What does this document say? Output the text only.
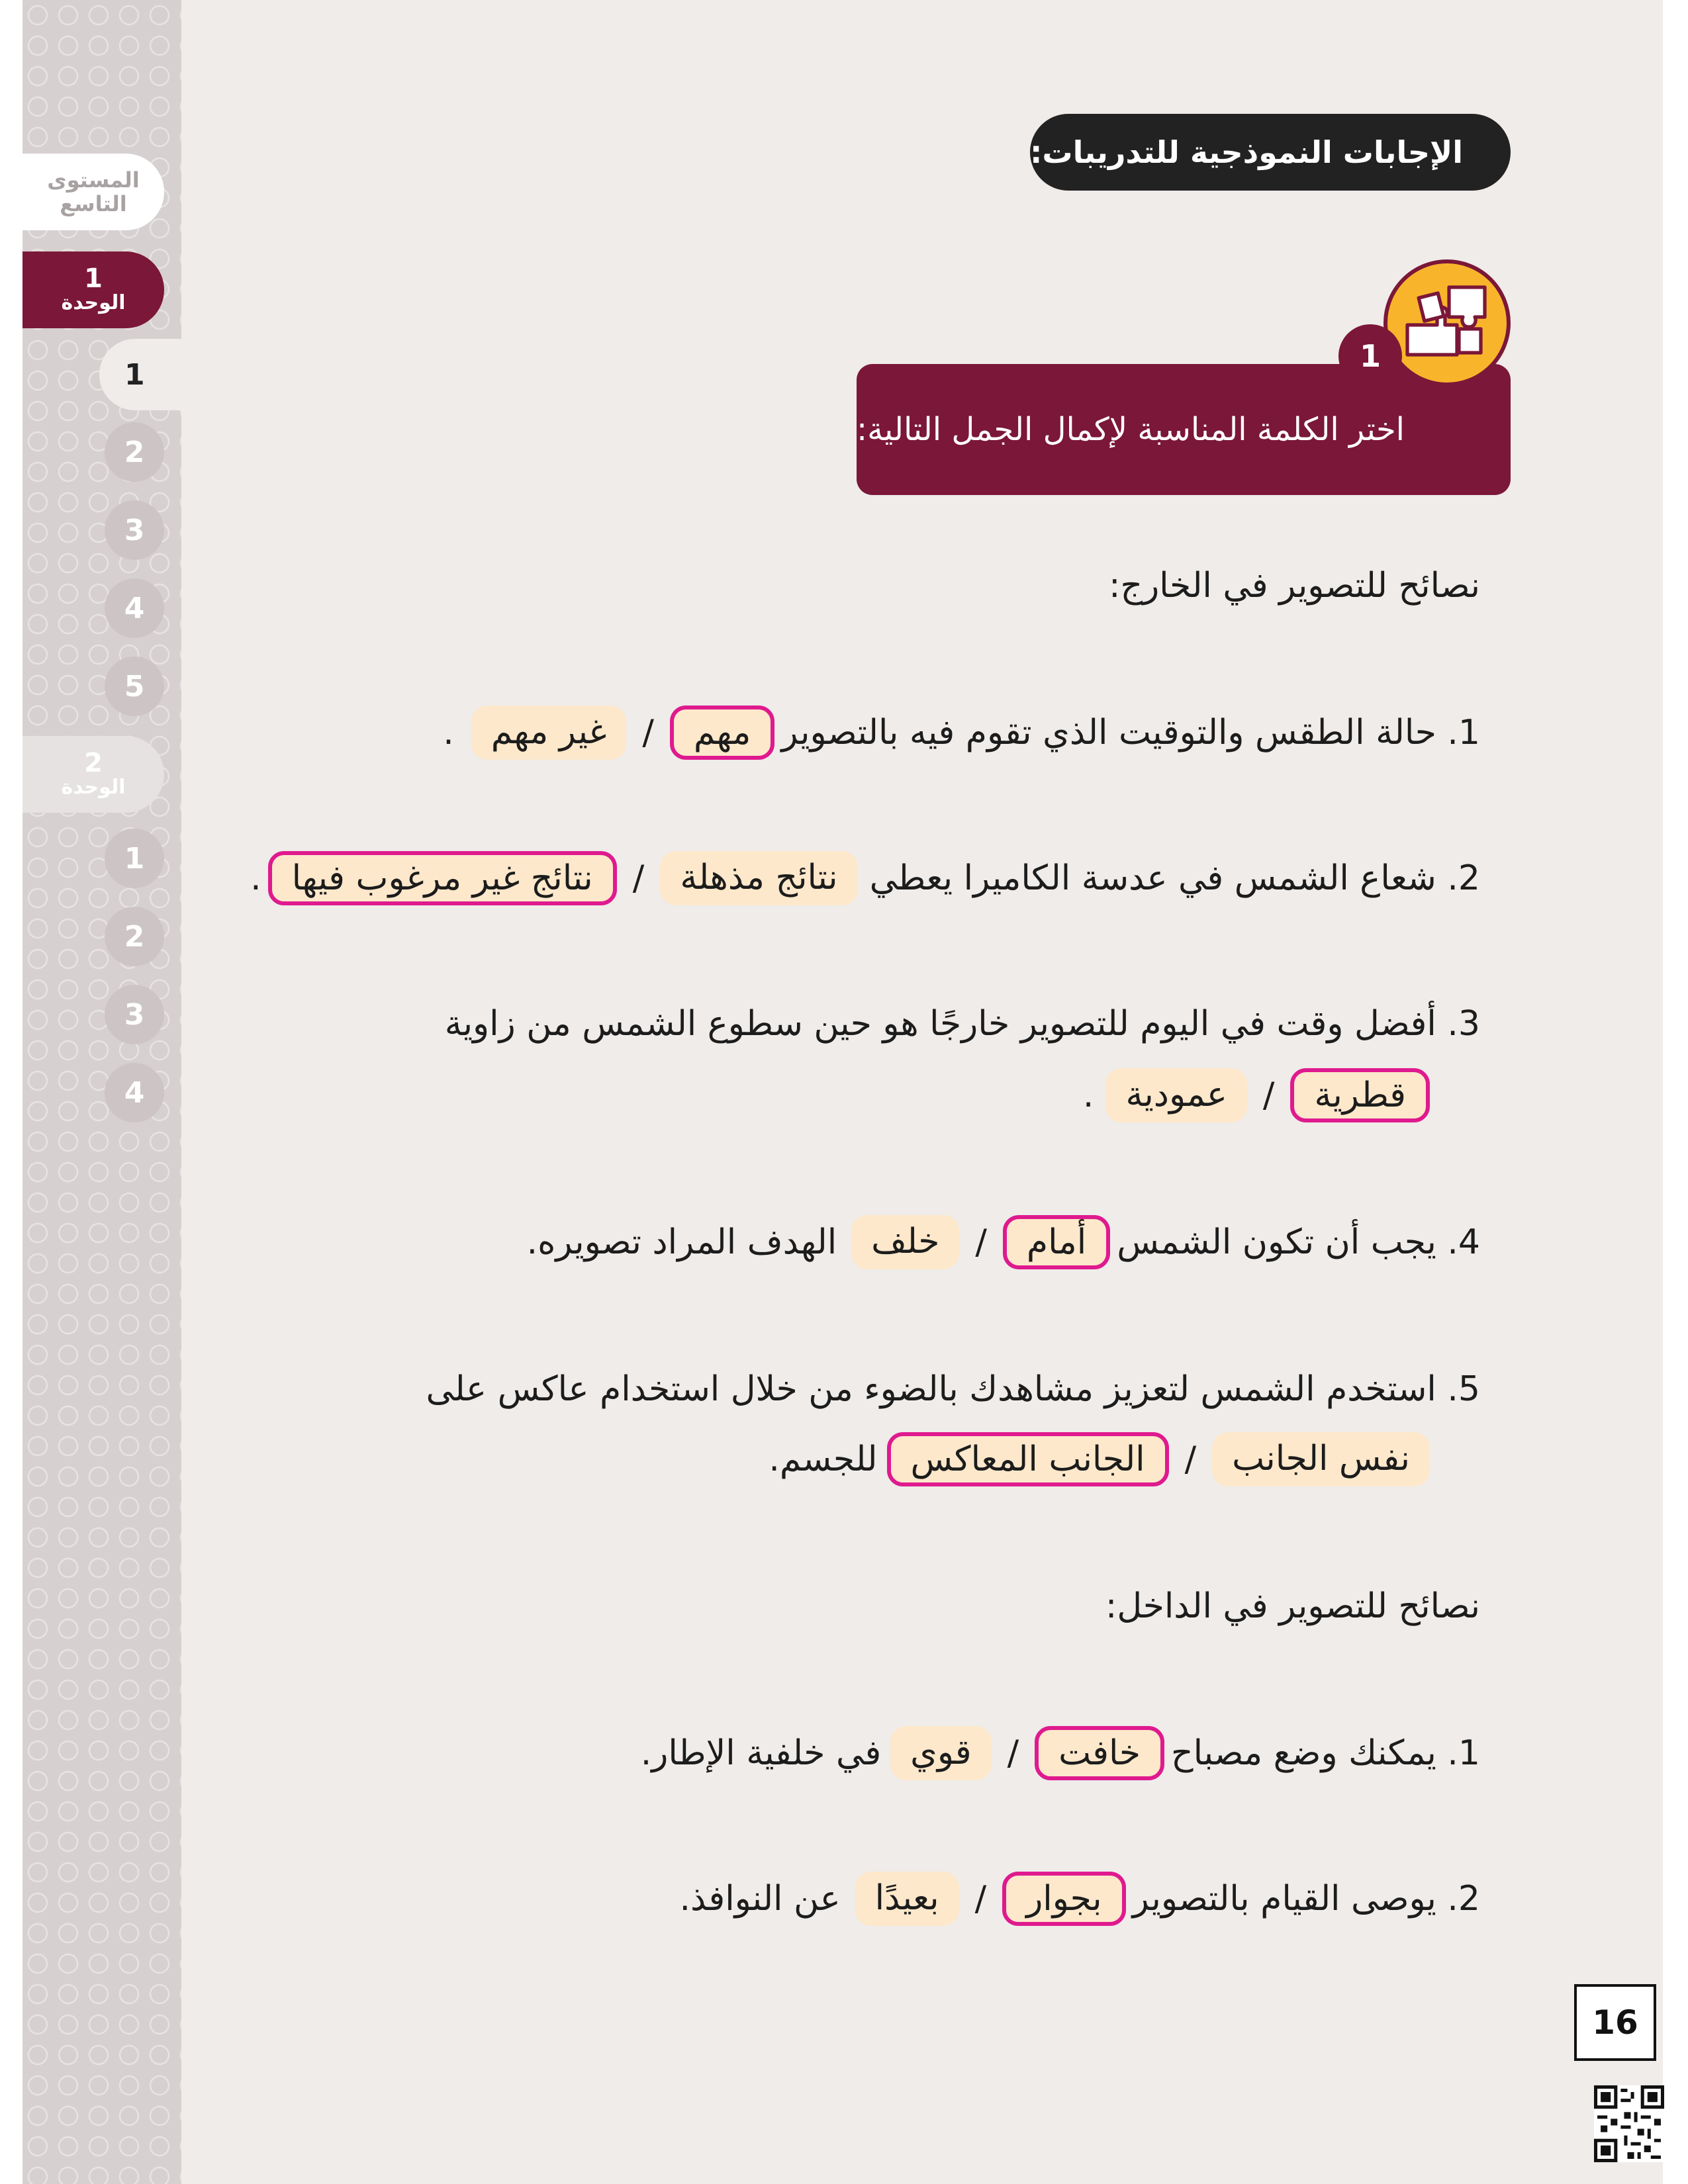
المستوى
التاسع
1
الوحدة
1
2
3
4
5
2
الوحدة
1
2
3
4
الإجابات النموذجية للتدريبات:
اختر الكلمة المناسبة لإكمال الجمل التالية:
1
نصائح للتصوير في الخارج:
1. حالة الطقس والتوقيت الذي تقوم فيه بالتصوير
مهم
/
غير مهم
.
2. شعاع الشمس في عدسة الكاميرا يعطي
نتائج مذهلة
/
نتائج غير مرغوب فيها
.
3. أفضل وقت في اليوم للتصوير خارجًا هو حين سطوع الشمس من زاوية
قطرية
/
عمودية
.
4. يجب أن تكون الشمس
أمام
/
خلف
الهدف المراد تصويره.
5. استخدم الشمس لتعزيز مشاهدك بالضوء من خلال استخدام عاكس على
نفس الجانب
/
الجانب المعاكس
للجسم.
نصائح للتصوير في الداخل:
1. يمكنك وضع مصباح
خافت
/
قوي
في خلفية الإطار.
2. يوصى القيام بالتصوير
بجوار
/
بعيدًا
عن النوافذ.
16
